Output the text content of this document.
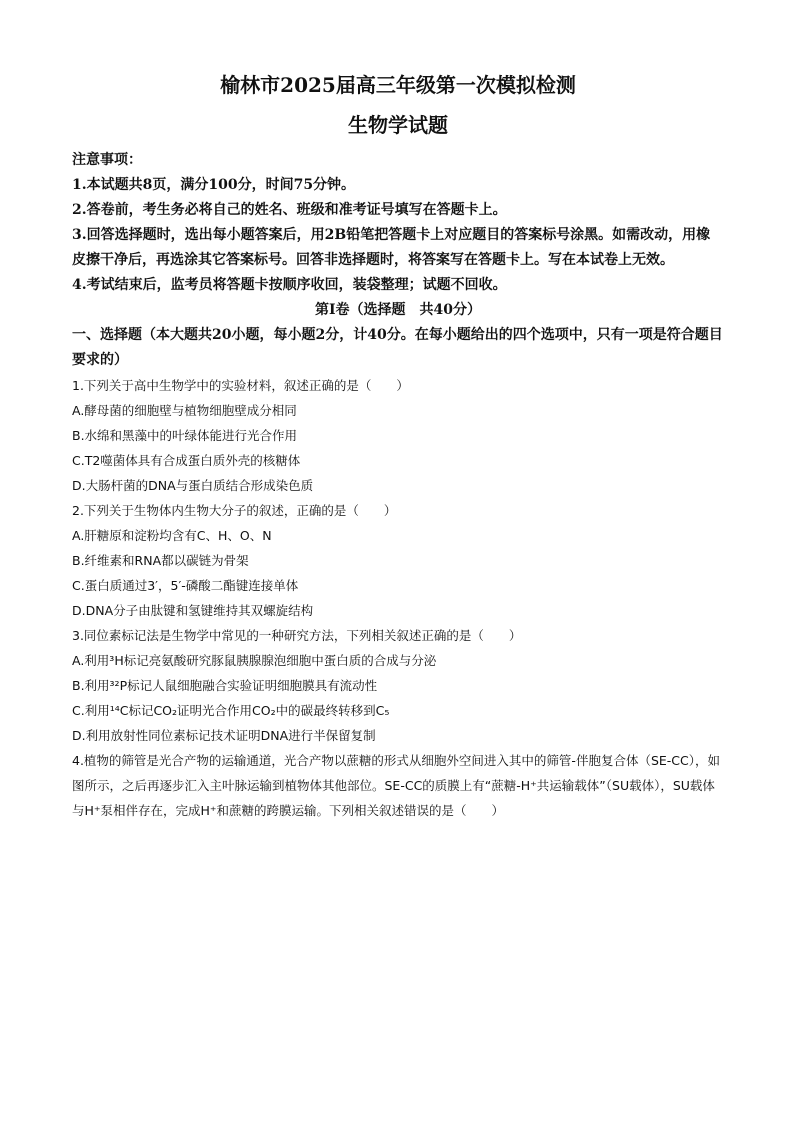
榆林市2025届高三年级第一次模拟检测
生物学试题

注意事项：

1.本试题共8页，满分100分，时间75分钟。

2.答卷前，考生务必将自己的姓名、班级和准考证号填写在答题卡上。

3.回答选择题时，选出每小题答案后，用2B铅笔把答题卡上对应题目的答案标号涂黑。如需改动，用橡皮擦干净后，再选涂其它答案标号。回答非选择题时，将答案写在答题卡上。写在本试卷上无效。

4.考试结束后，监考员将答题卡按顺序收回，装袋整理；试题不回收。

第Ⅰ卷（选择题　共40分）

一、选择题（本大题共20小题，每小题2分，计40分。在每小题给出的四个选项中，只有一项是符合题目要求的）

1.下列关于高中生物学中的实验材料，叙述正确的是（　　）

A.酵母菌的细胞壁与植物细胞壁成分相同

B.水绵和黑藻中的叶绿体能进行光合作用

C.T2噬菌体具有合成蛋白质外壳的核糖体

D.大肠杆菌的DNA与蛋白质结合形成染色质

2.下列关于生物体内生物大分子的叙述，正确的是（　　）

A.肝糖原和淀粉均含有C、H、O、N

B.纤维素和RNA都以碳链为骨架

C.蛋白质通过3′，5′-磷酸二酯键连接单体

D.DNA分子由肽键和氢键维持其双螺旋结构

3.同位素标记法是生物学中常见的一种研究方法，下列相关叙述正确的是（　　）

A.利用³H标记亮氨酸研究豚鼠胰腺腺泡细胞中蛋白质的合成与分泌

B.利用³²P标记人鼠细胞融合实验证明细胞膜具有流动性

C.利用¹⁴C标记CO₂证明光合作用CO₂中的碳最终转移到C₅

D.利用放射性同位素标记技术证明DNA进行半保留复制

4.植物的筛管是光合产物的运输通道，光合产物以蔗糖的形式从细胞外空间进入其中的筛管-伴胞复合体（SE-CC），如图所示，之后再逐步汇入主叶脉运输到植物体其他部位。SE-CC的质膜上有“蔗糖-H⁺共运输载体”（SU载体），SU载体与H⁺泵相伴存在，完成H⁺和蔗糖的跨膜运输。下列相关叙述错误的是（　　）
